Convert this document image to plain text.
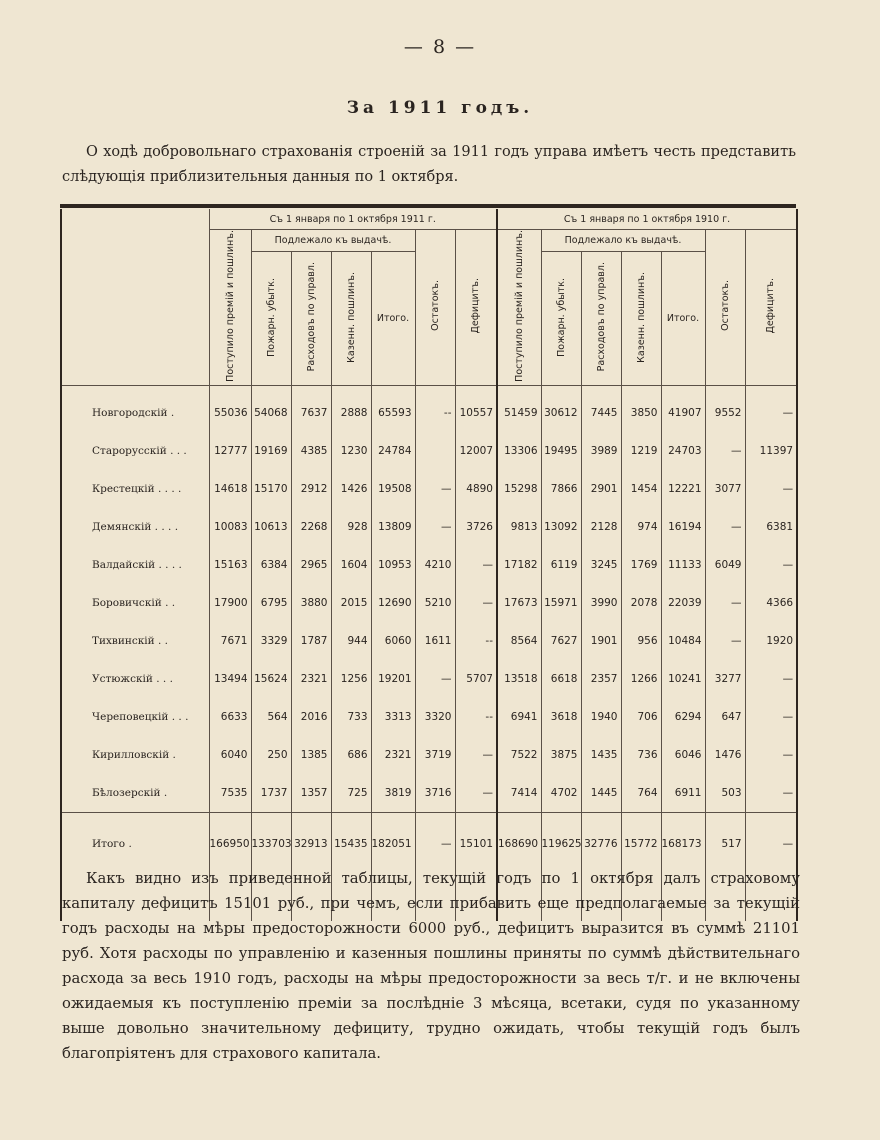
— 8 —
За 1911 годъ.
О ходѣ добровольнаго страхованія строеній за 1911 годъ управа имѣетъ честь представить слѣдующія приблизительныя данныя по 1 октября.
	Съ 1 января по 1 октября 1911 г.							Съ 1 января по 1 октября 1910 г.						
	Поступило премій и пошлинъ.	Подлежало къ выдачѣ.				Остатокъ.	Дефицитъ.	Поступило премій и пошлинъ.	Подлежало къ выдачѣ.				Остатокъ.	Дефицитъ.
		Пожарн. убытк.	Расходовъ по управл.	Казенн. пошлинъ.	Итого.				Пожарн. убытк.	Расходовъ по управл.	Казенн. пошлинъ.	Итого.		

Новгородскій .	55036	54068	7637	2888	65593	--	10557	51459	30612	7445	3850	41907	9552	—
Старорусскій . . .	12777	19169	4385	1230	24784		12007	13306	19495	3989	1219	24703	—	11397
Крестецкій . . . .	14618	15170	2912	1426	19508	—	4890	15298	7866	2901	1454	12221	3077	—
Демянскій . . . .	10083	10613	2268	928	13809	—	3726	9813	13092	2128	974	16194	—	6381
Валдайскій . . . .	15163	6384	2965	1604	10953	4210	—	17182	6119	3245	1769	11133	6049	—
Боровичскій . .	17900	6795	3880	2015	12690	5210	—	17673	15971	3990	2078	22039	—	4366
Тихвинскій . .	7671	3329	1787	944	6060	1611	--	8564	7627	1901	956	10484	—	1920
Устюжскій . . .	13494	15624	2321	1256	19201	—	5707	13518	6618	2357	1266	10241	3277	—
Череповецкій . . .	6633	564	2016	733	3313	3320	--	6941	3618	1940	706	6294	647	—
Кирилловскій .	6040	250	1385	686	2321	3719	—	7522	3875	1435	736	6046	1476	—
Бѣлозерскій .	7535	1737	1357	725	3819	3716	—	7414	4702	1445	764	6911	503	—
Итого .	166950	133703	32913	15435	182051	—	15101	168690	119625	32776	15772	168173	517	—

Какъ видно изъ приведенной таблицы, текущій годъ по 1 октября далъ страховому капиталу дефицитъ 15101 руб., при чемъ, если прибавить еще предполагаемые за текущій годъ расходы на мѣры предосторожности 6000 руб., дефицитъ выразится въ суммѣ 21101 руб. Хотя расходы по управленію и казенныя пошлины приняты по суммѣ дѣйствительнаго расхода за весь 1910 годъ, расходы на мѣры предосторожности за весь т/г. и не включены ожидаемыя къ поступленію преміи за послѣдніе 3 мѣсяца, всетаки, судя по указанному выше довольно значительному дефициту, трудно ожидать, чтобы текущій годъ былъ благопріятенъ для страхового капитала.
